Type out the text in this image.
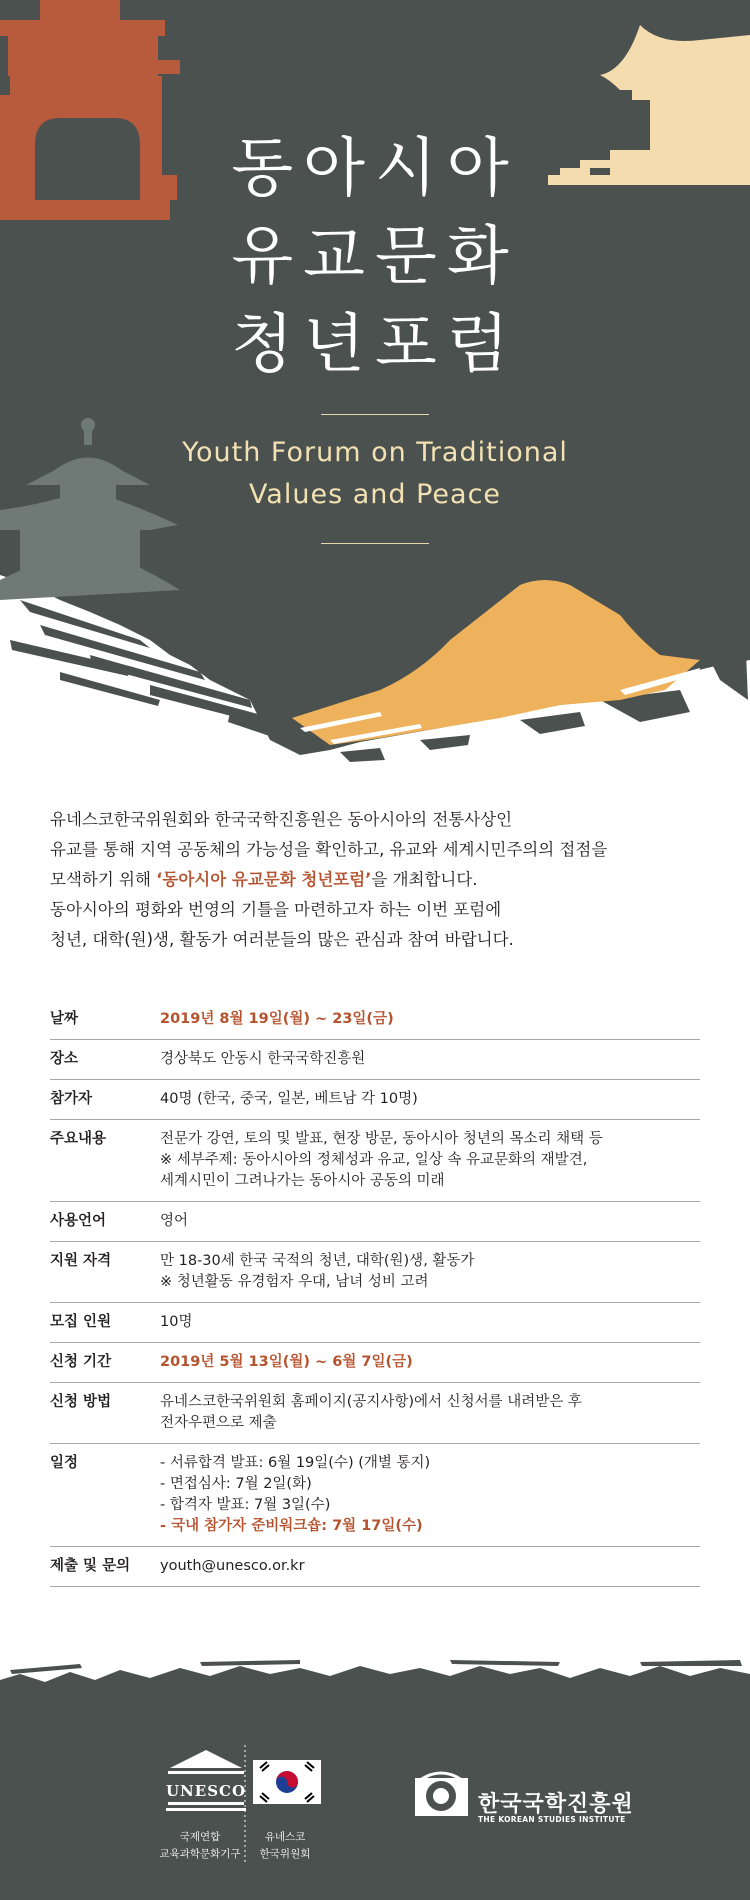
동아시아
유교문화
청년포럼

Youth Forum on Traditional
Values and Peace

유네스코한국위원회와 한국국학진흥원은 동아시아의 전통사상인
유교를 통해 지역 공동체의 가능성을 확인하고, 유교와 세계시민주의의 접점을
모색하기 위해 ‘동아시아 유교문화 청년포럼’을 개최합니다.
동아시아의 평화와 번영의 기틀을 마련하고자 하는 이번 포럼에
청년, 대학(원)생, 활동가 여러분들의 많은 관심과 참여 바랍니다.

날짜	2019년 8월 19일(월) ~ 23일(금)
장소	경상북도 안동시 한국국학진흥원
참가자	40명 (한국, 중국, 일본, 베트남 각 10명)
주요내용	전문가 강연, 토의 및 발표, 현장 방문, 동아시아 청년의 목소리 채택 등
※ 세부주제: 동아시아의 정체성과 유교, 일상 속 유교문화의 재발견,
세계시민이 그려나가는 동아시아 공동의 미래
사용언어	영어
지원 자격	만 18-30세 한국 국적의 청년, 대학(원)생, 활동가
※ 청년활동 유경험자 우대, 남녀 성비 고려
모집 인원	10명
신청 기간	2019년 5월 13일(월) ~ 6월 7일(금)
신청 방법	유네스코한국위원회 홈페이지(공지사항)에서 신청서를 내려받은 후
전자우편으로 제출
일정	- 서류합격 발표: 6월 19일(수) (개별 통지)
- 면접심사: 7월 2일(화)
- 합격자 발표: 7월 3일(수)
- 국내 참가자 준비워크숍: 7월 17일(수)
제출 및 문의	youth@unesco.or.kr
UNESCO
국제연합
교육과학문화기구
유네스코
한국위원회
한국국학진흥원
THE KOREAN STUDIES INSTITUTE
